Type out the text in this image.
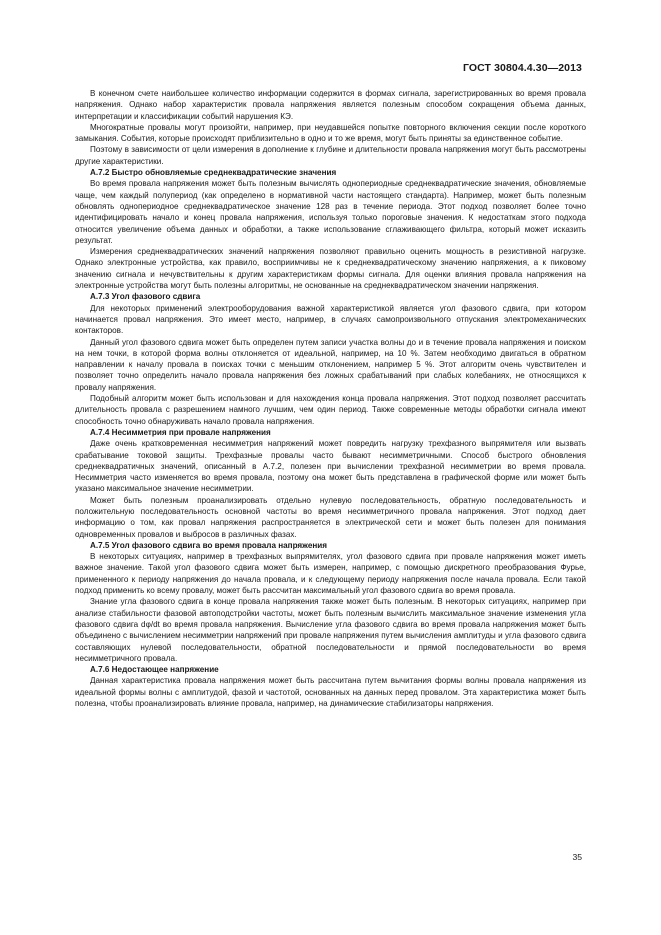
ГОСТ 30804.4.30—2013

В конечном счете наибольшее количество информации содержится в формах сигнала, зарегистрированных во время провала напряжения. Однако набор характеристик провала напряжения является полезным способом сокращения объема данных, интерпретации и классификации событий нарушения КЭ.

Многократные провалы могут произойти, например, при неудавшейся попытке повторного включения секции после короткого замыкания. События, которые происходят приблизительно в одно и то же время, могут быть приняты за единственное событие.

Поэтому в зависимости от цели измерения в дополнение к глубине и длительности провала напряжения могут быть рассмотрены другие характеристики.

А.7.2 Быстро обновляемые среднеквадратические значения

Во время провала напряжения может быть полезным вычислять однопериодные среднеквадратические значения, обновляемые чаще, чем каждый полупериод (как определено в нормативной части настоящего стандарта). Например, может быть полезным обновлять однопериодное среднеквадратическое значение 128 раз в течение периода. Этот подход позволяет более точно идентифицировать начало и конец провала напряжения, используя только пороговые значения. К недостаткам этого подхода относится увеличение объема данных и обработки, а также использование сглаживающего фильтра, который может исказить результат.

Измерения среднеквадратических значений напряжения позволяют правильно оценить мощность в резистивной нагрузке. Однако электронные устройства, как правило, восприимчивы не к среднеквадратическому значению напряжения, а к пиковому значению сигнала и нечувствительны к другим характеристикам формы сигнала. Для оценки влияния провала напряжения на электронные устройства могут быть полезны алгоритмы, не основанные на среднеквадратическом значении напряжения.

А.7.3 Угол фазового сдвига

Для некоторых применений электрооборудования важной характеристикой является угол фазового сдвига, при котором начинается провал напряжения. Это имеет место, например, в случаях самопроизвольного отпускания электромеханических контакторов.

Данный угол фазового сдвига может быть определен путем записи участка волны до и в течение провала напряжения и поиском на нем точки, в которой форма волны отклоняется от идеальной, например, на 10 %. Затем необходимо двигаться в обратном направлении к началу провала в поисках точки с меньшим отклонением, например 5 %. Этот алгоритм очень чувствителен и позволяет точно определить начало провала напряжения без ложных срабатываний при слабых колебаниях, не относящихся к провалу напряжения.

Подобный алгоритм может быть использован и для нахождения конца провала напряжения. Этот подход позволяет рассчитать длительность провала с разрешением намного лучшим, чем один период. Также современные методы обработки сигнала имеют способность точно обнаруживать начало провала напряжения.

А.7.4 Несимметрия при провале напряжения

Даже очень кратковременная несимметрия напряжений может повредить нагрузку трехфазного выпрямителя или вызвать срабатывание токовой защиты. Трехфазные провалы часто бывают несимметричными. Способ быстрого обновления среднеквадратичных значений, описанный в А.7.2, полезен при вычислении трехфазной несимметрии во время провала. Несимметрия часто изменяется во время провала, поэтому она может быть представлена в графической форме или может быть указано максимальное значение несимметрии.

Может быть полезным проанализировать отдельно нулевую последовательность, обратную последовательность и положительную последовательность основной частоты во время несимметричного провала напряжения. Этот подход дает информацию о том, как провал напряжения распространяется в электрической сети и может быть полезен для понимания одновременных провалов и выбросов в различных фазах.

А.7.5 Угол фазового сдвига во время провала напряжения

В некоторых ситуациях, например в трехфазных выпрямителях, угол фазового сдвига при провале напряжения может иметь важное значение. Такой угол фазового сдвига может быть измерен, например, с помощью дискретного преобразования Фурье, примененного к периоду напряжения до начала провала, и к следующему периоду напряжения после начала провала. Если такой подход применить ко всему провалу, может быть рассчитан максимальный угол фазового сдвига во время провала.

Знание угла фазового сдвига в конце провала напряжения также может быть полезным. В некоторых ситуациях, например при анализе стабильности фазовой автоподстройки частоты, может быть полезным вычислить максимальное значение изменения угла фазового сдвига dφ/dt во время провала напряжения. Вычисление угла фазового сдвига во время провала напряжения может быть объединено с вычислением несимметрии напряжений при провале напряжения путем вычисления амплитуды и угла фазового сдвига составляющих нулевой последовательности, обратной последовательности и прямой последовательности во время несимметричного провала.

А.7.6 Недостающее напряжение

Данная характеристика провала напряжения может быть рассчитана путем вычитания формы волны провала напряжения из идеальной формы волны с амплитудой, фазой и частотой, основанных на данных перед провалом. Эта характеристика может быть полезна, чтобы проанализировать влияние провала, например, на динамические стабилизаторы напряжения.

35
